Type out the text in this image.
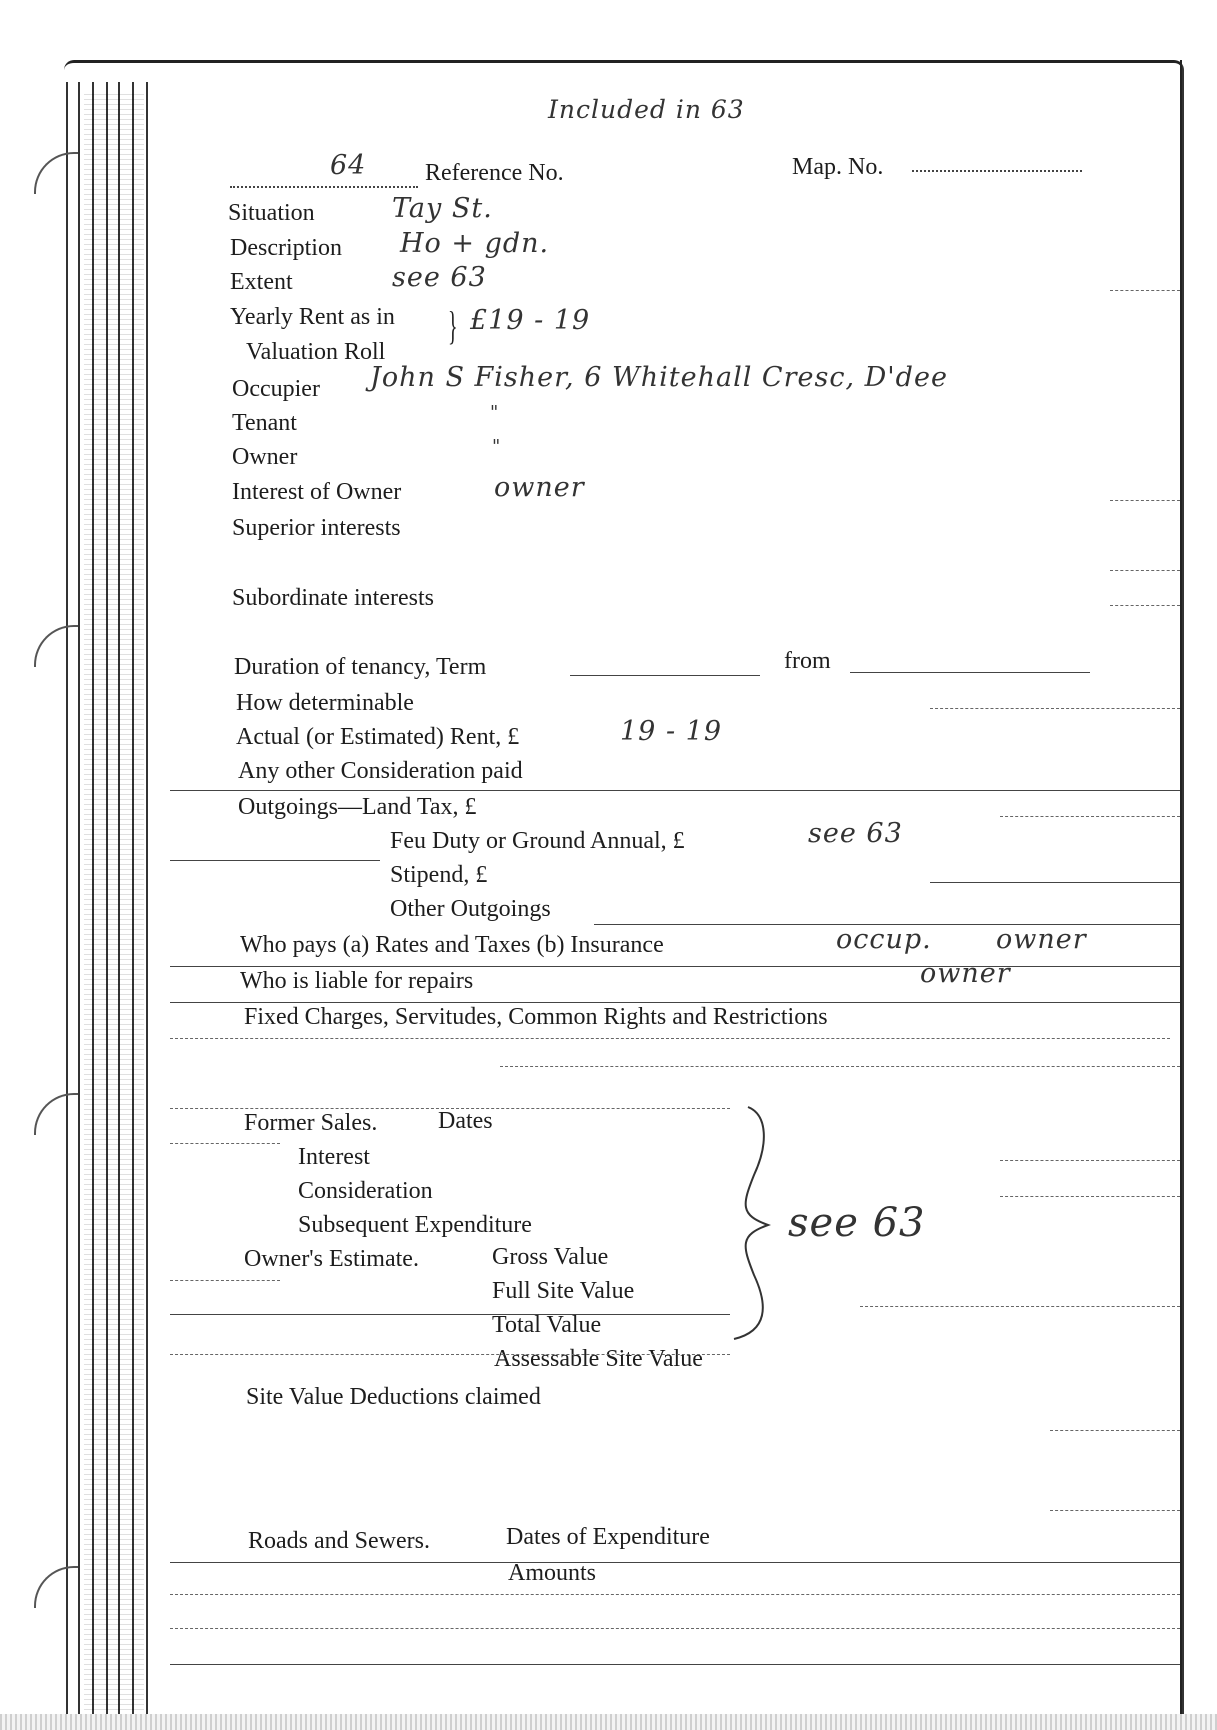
Included in 63
64 Reference No.	Map. No.
Situation	Tay St.
Description Ho + gdn.
Extent	see 63
Yearly Rent as in
Valuation Roll
} £19 - 19
Occupier John S Fisher, 6 Whitehall Cresc, D'dee
Tenant	"
Owner	"
Interest of Owner	owner
Superior interests
Subordinate interests
Duration of tenancy, Term	from
How determinable
Actual (or Estimated) Rent, £	19 - 19
Any other Consideration paid
Outgoings—Land Tax, £
Feu Duty or Ground Annual, £	see 63
Stipend, £
Other Outgoings
Who pays (a) Rates and Taxes (b) Insurance	occup. owner
Who is liable for repairs	owner
Fixed Charges, Servitudes, Common Rights and Restrictions
Former Sales.	Dates
Interest
Consideration
Subsequent Expenditure
Owner's Estimate.	Gross Value
Full Site Value
Total Value
Assessable Site Value
Site Value Deductions claimed
see 63
Roads and Sewers.	Dates of Expenditure
Amounts
